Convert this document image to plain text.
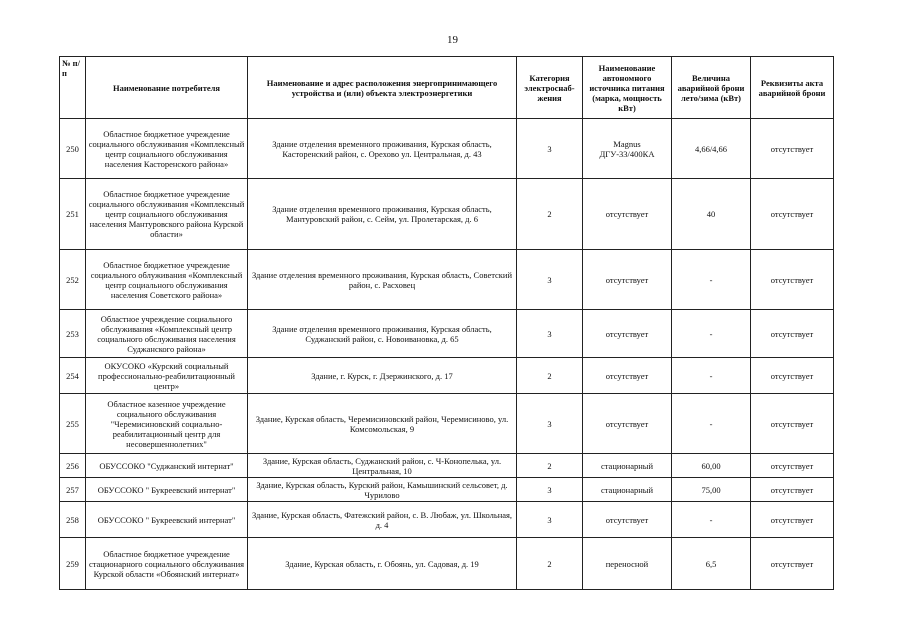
19
№ п/п	Наименование потребителя	Наименование и адрес расположения энергопринимающего устройства и (или) объекта электроэнергетики	Категория электроснаб-жения	Наименование автономного источника питания (марка, мощность кВт)	Величина аварийной брони лето/зима (кВт)	Реквизиты акта аварийной брони
250	Областное бюджетное учреждение социального обслуживания «Комплексный центр социального обслуживания населения Касторенского района»	Здание отделения временного проживания, Курская область, Касторенский район, с. Орехово ул. Центральная, д. 43	3	Magnus ДГУ-33/400КА	4,66/4,66	отсутствует
251	Областное бюджетное учреждение социального обслуживания «Комплексный центр социального обслуживания населения Мантуровского района Курской области»	Здание отделения временного проживания, Курская область, Мантуровский район, с. Сейм, ул. Пролетарская, д. 6	2	отсутствует	40	отсутствует
252	Областное бюджетное учреждение социального облуживания «Комплексный центр социального обслуживания населения Советского района»	Здание отделения временного проживания, Курская область, Советский район, с. Расховец	3	отсутствует	-	отсутствует
253	Областное учреждение социального обслуживания «Комплексный центр социального обслуживания населения Суджанского района»	Здание отделения временного проживания, Курская область, Суджанский район, с. Новоивановка, д. 65	3	отсутствует	-	отсутствует
254	ОКУСОКО «Курский социальный профессионально-реабилитационный центр»	Здание, г. Курск, г. Дзержинского, д. 17	2	отсутствует	-	отсутствует
255	Областное казенное учреждение социального обслуживания "Черемисиновский социально-реабилитационный центр для несовершеннолетних"	Здание, Курская область, Черемисиновский район, Черемисиново, ул. Комсомольская, 9	3	отсутствует	-	отсутствует
256	ОБУССОКО "Суджанский интернат"	Здание, Курская область, Суджанский район, с. Ч-Конопелька, ул. Центральная, 10	2	стационарный	60,00	отсутствует
257	ОБУССОКО " Букреевский интернат"	Здание, Курская область, Курский район, Камышинский сельсовет, д. Чурилово	3	стационарный	75,00	отсутствует
258	ОБУССОКО " Букреевский интернат"	Здание, Курская область, Фатежский район, с. В. Любаж, ул. Школьная, д. 4	3	отсутствует	-	отсутствует
259	Областное бюджетное учреждение стационарного социального обслуживания Курской области «Обоянский интернат»	Здание, Курская область, г. Обоянь, ул. Садовая, д. 19	2	переносной	6,5	отсутствует
